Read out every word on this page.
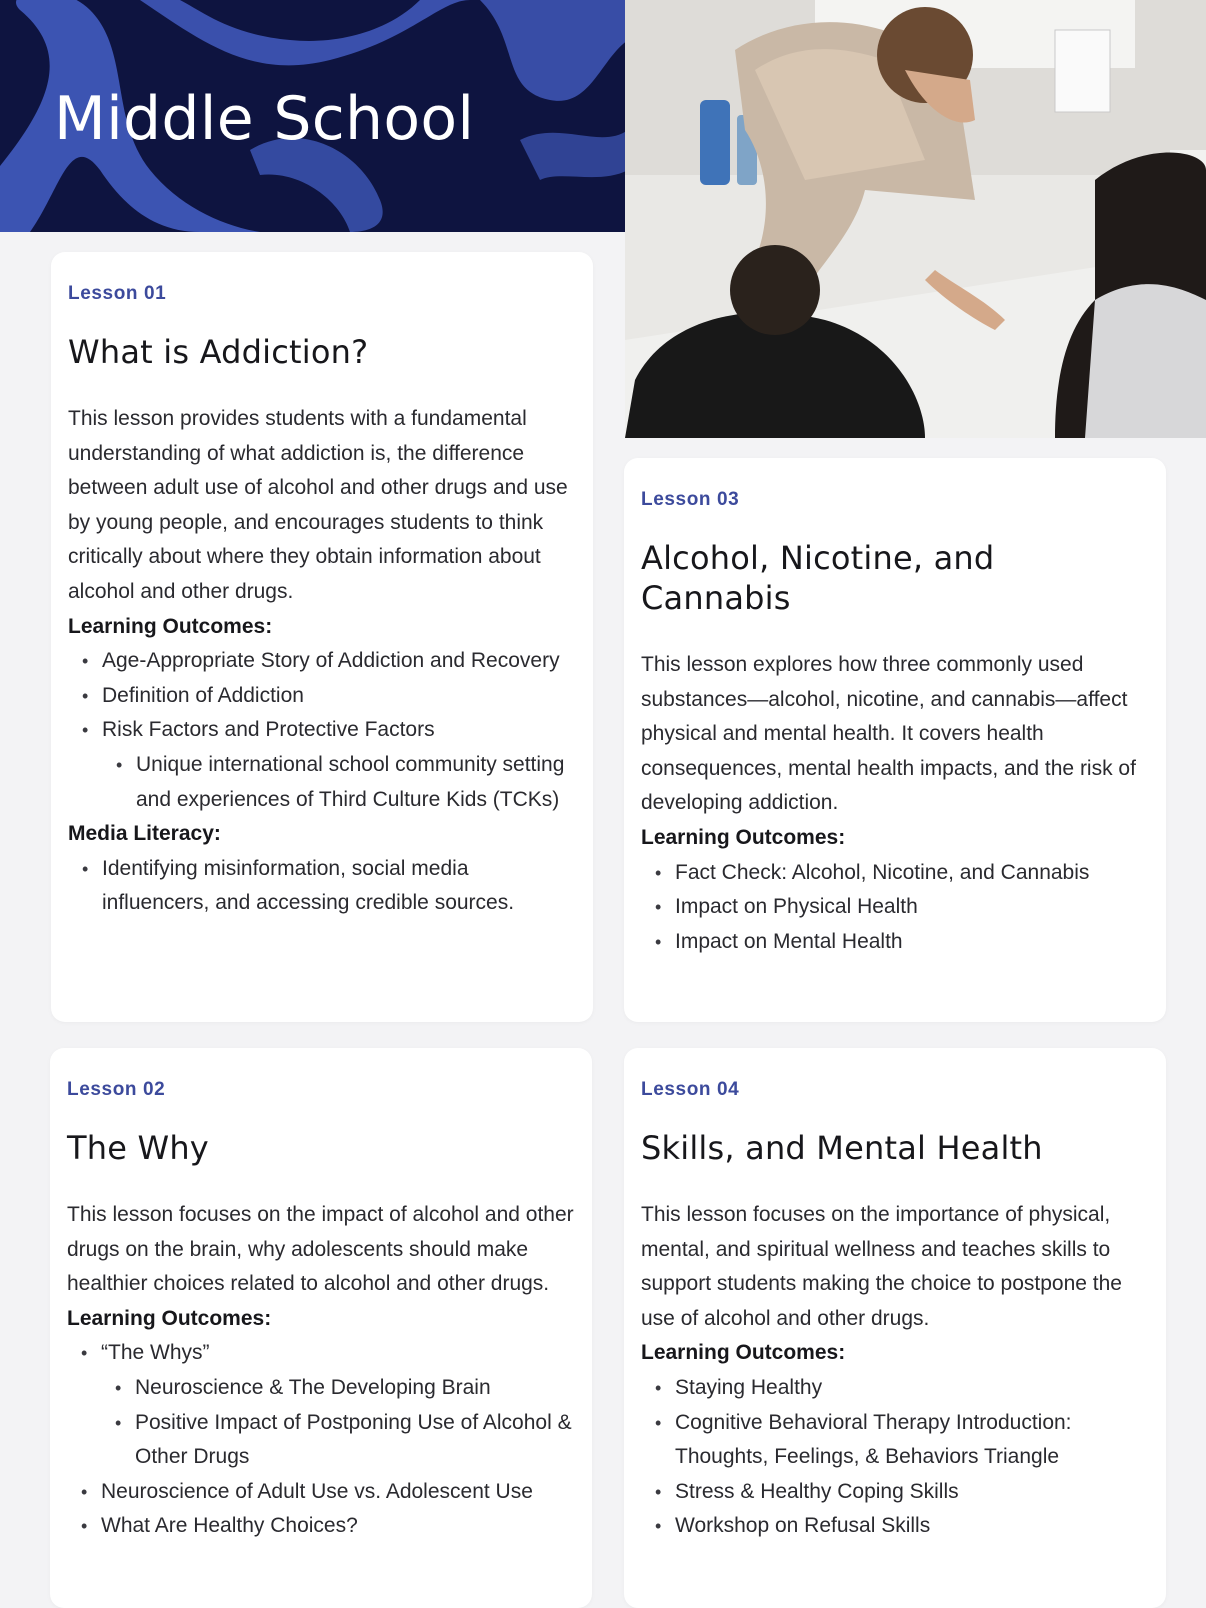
Middle School

Lesson 01

What is Addiction?

This lesson provides students with a fundamental understanding of what addiction is, the difference between adult use of alcohol and other drugs and use by young people, and encourages students to think critically about where they obtain information about alcohol and other drugs.

Learning Outcomes:

• Age-Appropriate Story of Addiction and Recovery
• Definition of Addiction
• Risk Factors and Protective Factors
• Unique international school community setting and experiences of Third Culture Kids (TCKs)

Media Literacy:

• Identifying misinformation, social media influencers, and accessing credible sources.

Lesson 03

Alcohol, Nicotine, and Cannabis

This lesson explores how three commonly used substances—alcohol, nicotine, and cannabis—affect physical and mental health. It covers health consequences, mental health impacts, and the risk of developing addiction.

Learning Outcomes:

• Fact Check: Alcohol, Nicotine, and Cannabis
• Impact on Physical Health
• Impact on Mental Health

Lesson 02

The Why

This lesson focuses on the impact of alcohol and other drugs on the brain, why adolescents should make healthier choices related to alcohol and other drugs.

Learning Outcomes:

• “The Whys”
• Neuroscience & The Developing Brain
• Positive Impact of Postponing Use of Alcohol & Other Drugs
• Neuroscience of Adult Use vs. Adolescent Use
• What Are Healthy Choices?

Lesson 04

Skills, and Mental Health

This lesson focuses on the importance of physical, mental, and spiritual wellness and teaches skills to support students making the choice to postpone the use of alcohol and other drugs.

Learning Outcomes:

• Staying Healthy
• Cognitive Behavioral Therapy Introduction: Thoughts, Feelings, & Behaviors Triangle
• Stress & Healthy Coping Skills
• Workshop on Refusal Skills
